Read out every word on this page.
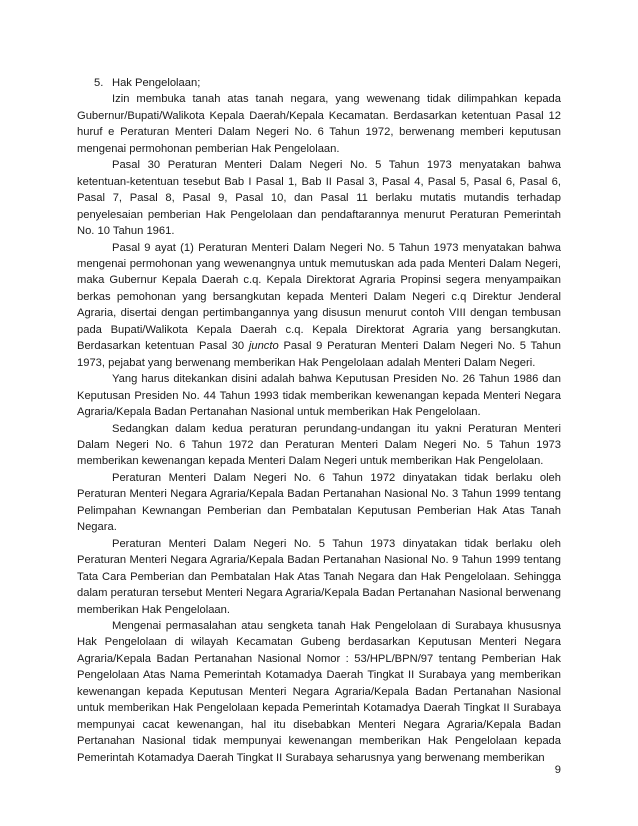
5. Hak Pengelolaan;

Izin membuka tanah atas tanah negara, yang wewenang tidak dilimpahkan kepada Gubernur/Bupati/Walikota Kepala Daerah/Kepala Kecamatan. Berdasarkan ketentuan Pasal 12 huruf e Peraturan Menteri Dalam Negeri No. 6 Tahun 1972, berwenang memberi keputusan mengenai permohonan pemberian Hak Pengelolaan.

Pasal 30 Peraturan Menteri Dalam Negeri No. 5 Tahun 1973 menyatakan bahwa ketentuan-ketentuan tesebut Bab I Pasal 1, Bab II Pasal 3, Pasal 4, Pasal 5, Pasal 6, Pasal 6, Pasal 7, Pasal 8, Pasal 9, Pasal 10, dan Pasal 11 berlaku mutatis mutandis terhadap penyelesaian pemberian Hak Pengelolaan dan pendaftarannya menurut Peraturan Pemerintah No. 10 Tahun 1961.

Pasal 9 ayat (1) Peraturan Menteri Dalam Negeri No. 5 Tahun 1973 menyatakan bahwa mengenai permohonan yang wewenangnya untuk memutuskan ada pada Menteri Dalam Negeri, maka Gubernur Kepala Daerah c.q. Kepala Direktorat Agraria Propinsi segera menyampaikan berkas pemohonan yang bersangkutan kepada Menteri Dalam Negeri c.q Direktur Jenderal Agraria, disertai dengan pertimbangannya yang disusun menurut contoh VIII dengan tembusan pada Bupati/Walikota Kepala Daerah c.q. Kepala Direktorat Agraria yang bersangkutan. Berdasarkan ketentuan Pasal 30 juncto Pasal 9 Peraturan Menteri Dalam Negeri No. 5 Tahun 1973, pejabat yang berwenang memberikan Hak Pengelolaan adalah Menteri Dalam Negeri.

Yang harus ditekankan disini adalah bahwa Keputusan Presiden No. 26 Tahun 1986 dan Keputusan Presiden No. 44 Tahun 1993 tidak memberikan kewenangan kepada Menteri Negara Agraria/Kepala Badan Pertanahan Nasional untuk memberikan Hak Pengelolaan.

Sedangkan dalam kedua peraturan perundang-undangan itu yakni Peraturan Menteri Dalam Negeri No. 6 Tahun 1972 dan Peraturan Menteri Dalam Negeri No. 5 Tahun 1973 memberikan kewenangan kepada Menteri Dalam Negeri untuk memberikan Hak Pengelolaan.

Peraturan Menteri Dalam Negeri No. 6 Tahun 1972 dinyatakan tidak berlaku oleh Peraturan Menteri Negara Agraria/Kepala Badan Pertanahan Nasional No. 3 Tahun 1999 tentang Pelimpahan Kewnangan Pemberian dan Pembatalan Keputusan Pemberian Hak Atas Tanah Negara.

Peraturan Menteri Dalam Negeri No. 5 Tahun 1973 dinyatakan tidak berlaku oleh Peraturan Menteri Negara Agraria/Kepala Badan Pertanahan Nasional No. 9 Tahun 1999 tentang Tata Cara Pemberian dan Pembatalan Hak Atas Tanah Negara dan Hak Pengelolaan. Sehingga dalam peraturan tersebut Menteri Negara Agraria/Kepala Badan Pertanahan Nasional berwenang memberikan Hak Pengelolaan.

Mengenai permasalahan atau sengketa tanah Hak Pengelolaan di Surabaya khususnya Hak Pengelolaan di wilayah Kecamatan Gubeng berdasarkan Keputusan Menteri Negara Agraria/Kepala Badan Pertanahan Nasional Nomor : 53/HPL/BPN/97 tentang Pemberian Hak Pengelolaan Atas Nama Pemerintah Kotamadya Daerah Tingkat II Surabaya yang memberikan kewenangan kepada Keputusan Menteri Negara Agraria/Kepala Badan Pertanahan Nasional untuk memberikan Hak Pengelolaan kepada Pemerintah Kotamadya Daerah Tingkat II Surabaya mempunyai cacat kewenangan, hal itu disebabkan Menteri Negara Agraria/Kepala Badan Pertanahan Nasional tidak mempunyai kewenangan memberikan Hak Pengelolaan kepada Pemerintah Kotamadya Daerah Tingkat II Surabaya seharusnya yang berwenang memberikan

9
